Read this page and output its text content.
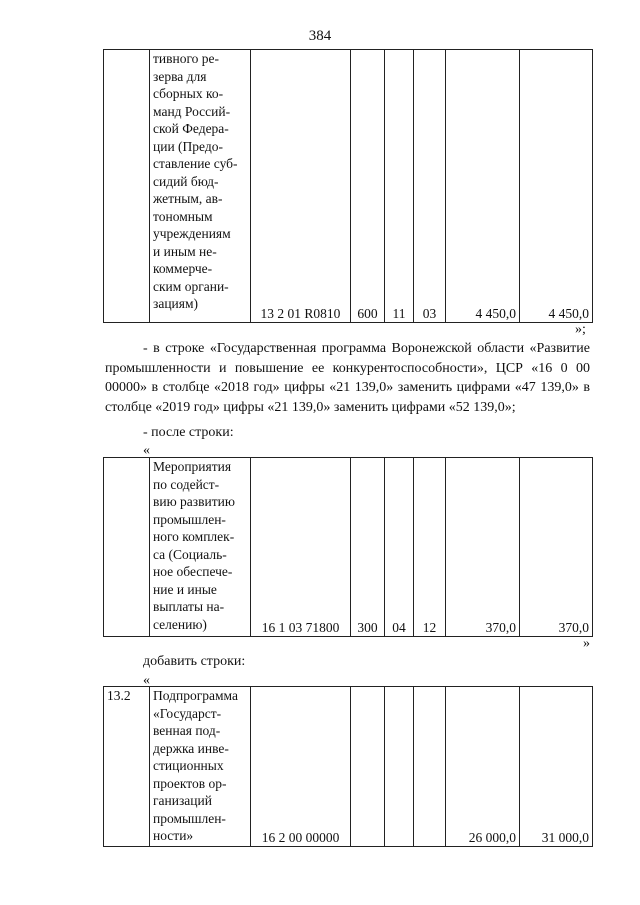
384
	тивного ре-
зерва для
сборных ко-
манд Россий-
ской Федера-
ции (Предо-
ставление суб-
сидий бюд-
жетным, ав-
тономным
учреждениям
и иным не-
коммерче-
ским органи-
зациям)	13 2 01 R0810	600	11	03	4 450,0	4 450,0
»;

- в строке «Государственная программа Воронежской области «Развитие промышленности и повышение ее конкурентоспособности», ЦСР «16 0 00 00000» в столбце «2018 год» цифры «21 139,0» заменить цифрами «47 139,0» в столбце «2019 год» цифры «21 139,0» заменить цифрами «52 139,0»;

- после строки:
«
	Мероприятия
по содейст-
вию развитию
промышлен-
ного комплек-
са (Социаль-
ное обеспече-
ние и иные
выплаты на-
селению)	16 1 03 71800	300	04	12	370,0	370,0
»
добавить строки:
«
13.2	Подпрограмма
«Государст-
венная под-
держка инве-
стиционных
проектов ор-
ганизаций
промышлен-
ности»	16 2 00 00000				26 000,0	31 000,0
